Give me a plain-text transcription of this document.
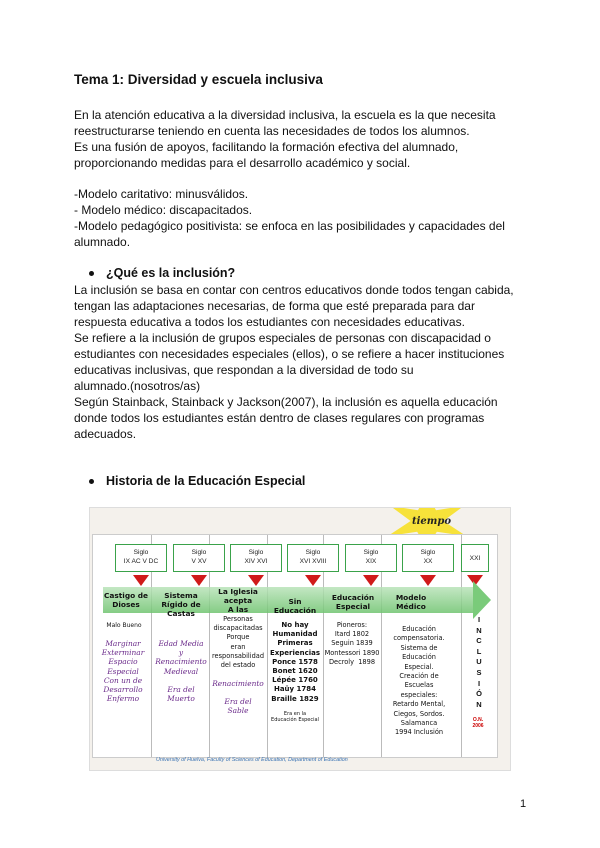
Tema 1: Diversidad y escuela inclusiva

En la atención educativa a la diversidad inclusiva, la escuela es la que necesita

reestructurarse teniendo en cuenta las necesidades de todos los alumnos.

Es una fusión de apoyos, facilitando la formación efectiva del alumnado,

proporcionando medidas para el desarrollo académico y social.

-Modelo caritativo: minusválidos.

- Modelo médico: discapacitados.

-Modelo pedagógico positivista: se enfoca en las posibilidades y capacidades del

alumnado.

¿Qué es la inclusión?

La inclusión se basa en contar con centros educativos donde todos tengan cabida,

tengan las adaptaciones necesarias, de forma que esté preparada para dar

respuesta educativa a todos los estudiantes con necesidades educativas.

Se refiere a la inclusión de grupos especiales de personas con discapacidad o

estudiantes con necesidades especiales (ellos), o se refiere a hacer instituciones

educativas inclusivas, que respondan a la diversidad de todo su

alumnado.(nosotros/as)

Según Stainback, Stainback y Jackson(2007), la inclusión es aquella educación

donde todos los estudiantes están dentro de clases regulares con programas

adecuados.

Historia de la Educación Especial
tiempo
Siglo
IX AC V DC
Siglo
V XV
Siglo
XIV XVI
Siglo
XVI XVIII
Siglo
XIX
Siglo
XX	XXI
Castigo de
Dioses
Malo Bueno
Marginar
Exterminar
Espacio
Especial
Con un de
Desarrollo
Enfermo
Sistema
Rígido de
Castas
Edad Media
y
Renacimiento
Medieval
Era del
Muerto
La Iglesia
acepta
A las
Personas
discapacitadas
Porque
eran
responsabilidad
del estado
Renacimiento
Era del
Sable
Sin
Educación
No hay
Humanidad
Primeras
Experiencias
Ponce 1578
Bonet 1620
Lépée 1760
Haüy 1784
Braille 1829
Era en la
Educación Especial
Educación
Especial
Pioneros:
Itard 1802
Seguin 1839
Montessori 1890
Decroly  1898
Modelo
Médico
Educación
compensatoria.
Sistema de
Educación
Especial.
Creación de
Escuelas
especiales:
Retardo Mental,
Ciegos, Sordos.
Salamanca
1994 Inclusión
I
N
C
L
U
S
I
Ó
N
O.N.
2006
University of Huelva, Faculty of Sciences of Education, Department of Education
1
